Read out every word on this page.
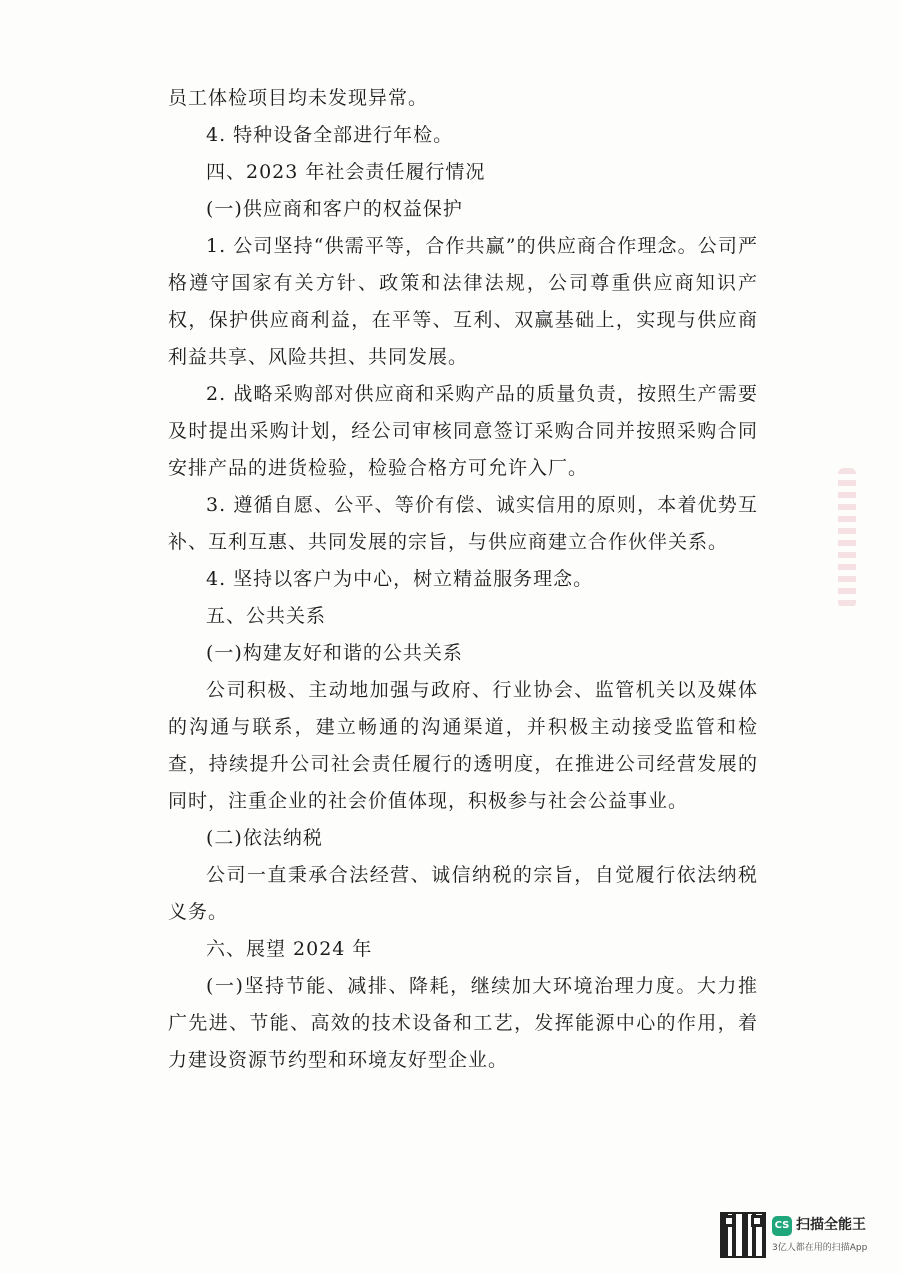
员工体检项目均未发现异常。

4. 特种设备全部进行年检。

四、2023 年社会责任履行情况

(一)供应商和客户的权益保护

1. 公司坚持“供需平等，合作共赢”的供应商合作理念。公司严格遵守国家有关方针、政策和法律法规，公司尊重供应商知识产权，保护供应商利益，在平等、互利、双赢基础上，实现与供应商利益共享、风险共担、共同发展。

2. 战略采购部对供应商和采购产品的质量负责，按照生产需要及时提出采购计划，经公司审核同意签订采购合同并按照采购合同安排产品的进货检验，检验合格方可允许入厂。

3. 遵循自愿、公平、等价有偿、诚实信用的原则，本着优势互补、互利互惠、共同发展的宗旨，与供应商建立合作伙伴关系。

4. 坚持以客户为中心，树立精益服务理念。

五、公共关系

(一)构建友好和谐的公共关系

公司积极、主动地加强与政府、行业协会、监管机关以及媒体的沟通与联系，建立畅通的沟通渠道，并积极主动接受监管和检查，持续提升公司社会责任履行的透明度，在推进公司经营发展的同时，注重企业的社会价值体现，积极参与社会公益事业。

(二)依法纳税

公司一直秉承合法经营、诚信纳税的宗旨，自觉履行依法纳税义务。

六、展望 2024 年

(一)坚持节能、减排、降耗，继续加大环境治理力度。大力推广先进、节能、高效的技术设备和工艺，发挥能源中心的作用，着力建设资源节约型和环境友好型企业。

CS 扫描全能王
3亿人都在用的扫描App
